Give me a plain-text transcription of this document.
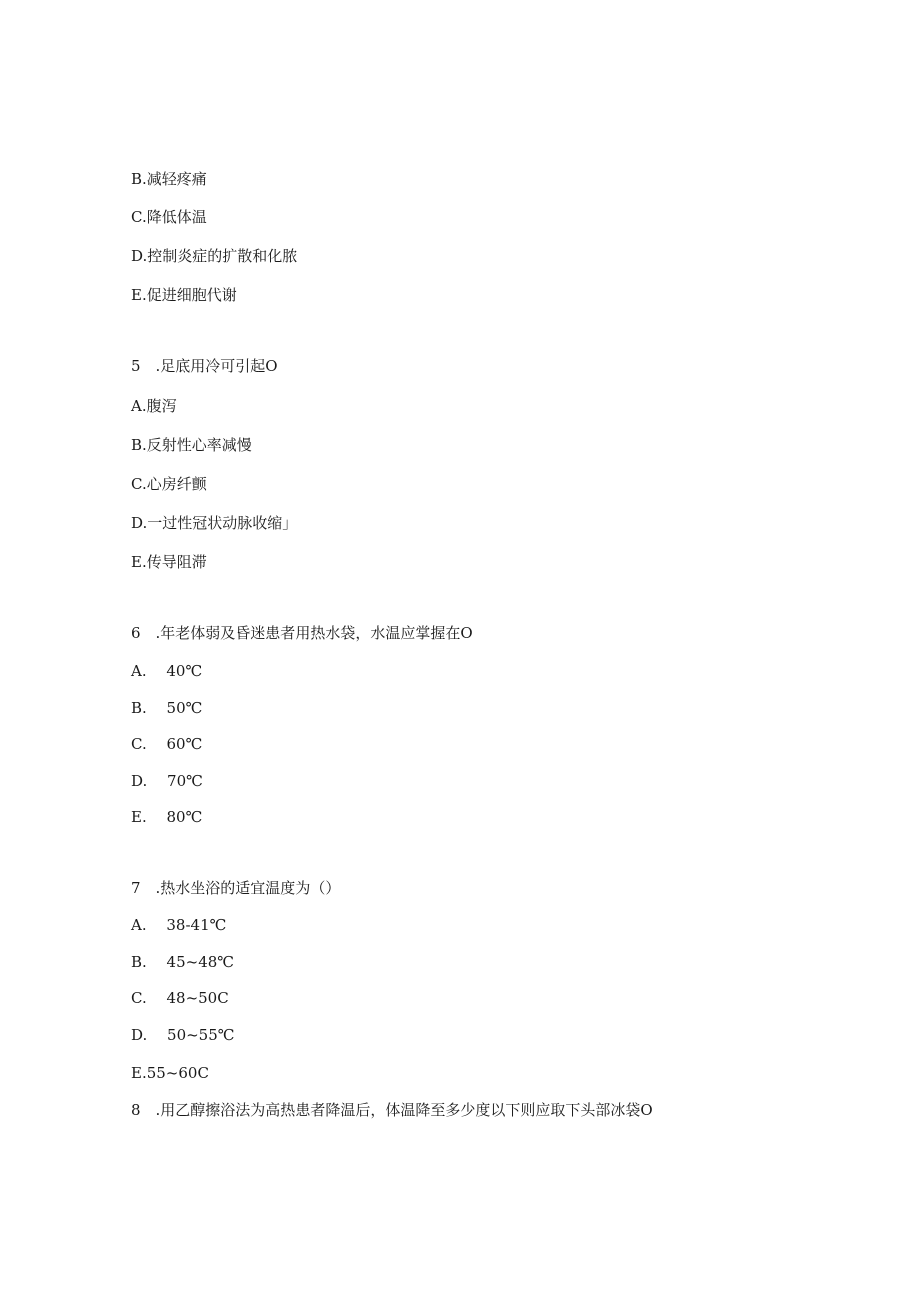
B.减轻疼痛
C.降低体温
D.控制炎症的扩散和化脓
E.促进细胞代谢
5　.足底用冷可引起O
A.腹泻
B.反射性心率减慢
C.心房纤颤
D.一过性冠状动脉收缩」
E.传导阻滞
6　.年老体弱及昏迷患者用热水袋，水温应掌握在O
A.　 40℃
B.　 50℃
C.　 60℃
D.　 70℃
E.　 80℃
7　.热水坐浴的适宜温度为（）
A.　 38-41℃
B.　 45~48℃
C.　 48~50C
D.　 50~55℃
E.55~60C
8　.用乙醇擦浴法为高热患者降温后，体温降至多少度以下则应取下头部冰袋O
